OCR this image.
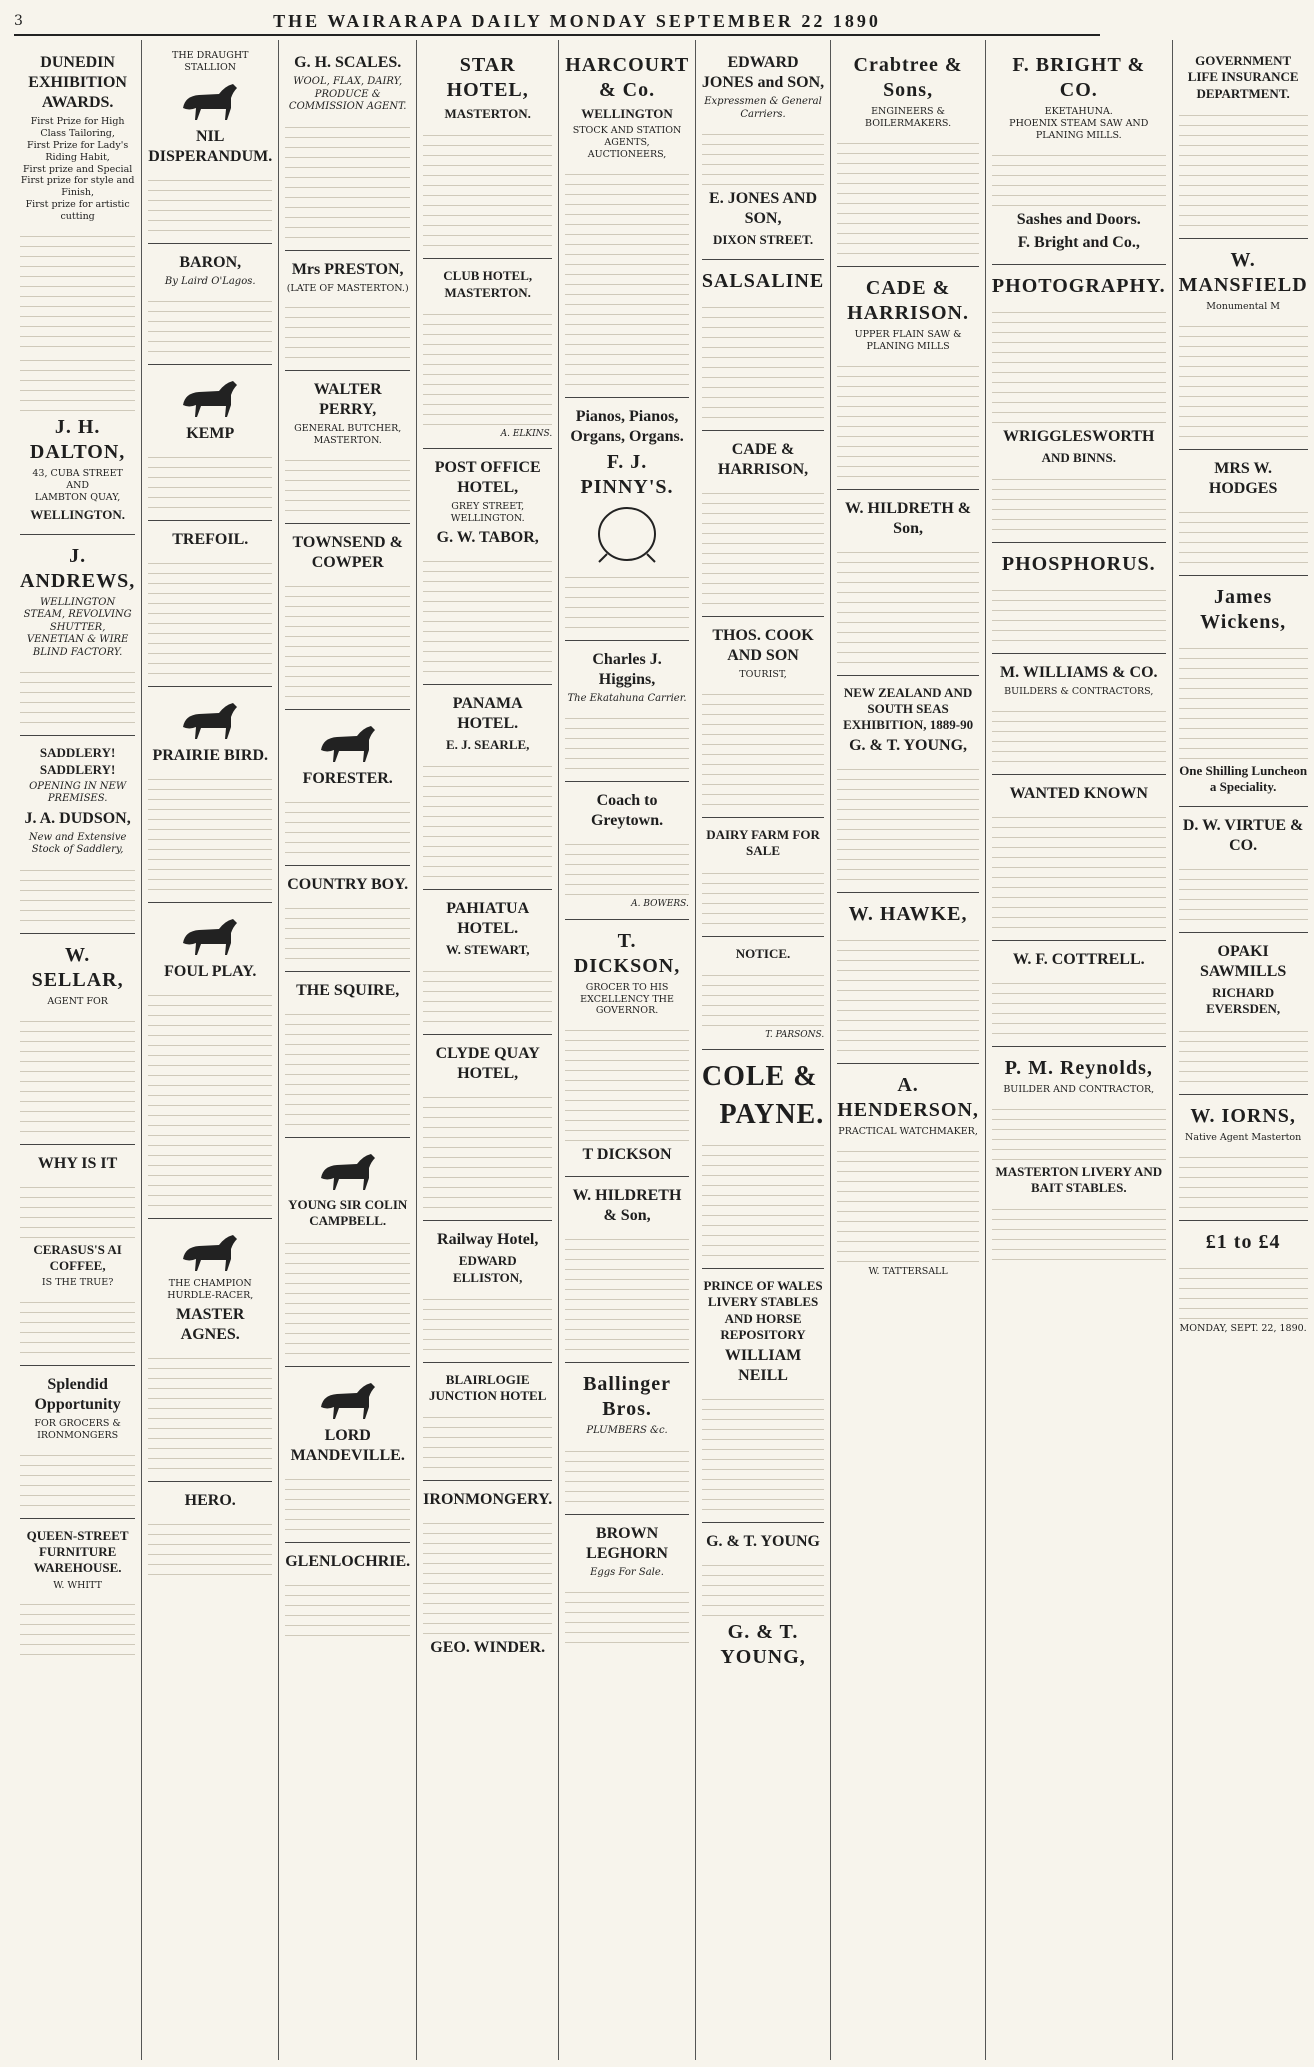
3	THE WAIRARAPA DAILY MONDAY SEPTEMBER 22 1890
DUNEDIN EXHIBITION AWARDS.
First Prize for High Class Tailoring,
First Prize for Lady's Riding Habit,
First prize and Special First prize for style and Finish,
First prize for artistic cutting
J. H. DALTON,
43, CUBA STREET
AND
LAMBTON QUAY,
WELLINGTON.
J. ANDREWS,
WELLINGTON STEAM, REVOLVING SHUTTER, VENETIAN & WIRE BLIND FACTORY.
SADDLERY! SADDLERY!
OPENING IN NEW PREMISES.
J. A. DUDSON,
New and Extensive Stock of Saddlery,
W. SELLAR,
AGENT FOR
WHY IS IT
CERASUS'S AI COFFEE,
IS THE TRUE?
Splendid Opportunity
FOR GROCERS & IRONMONGERS
QUEEN-STREET FURNITURE WAREHOUSE.
W. WHITT
THE DRAUGHT STALLION
NIL DISPERANDUM.
BARON,
By Laird O'Lagos.
KEMP
TREFOIL.
PRAIRIE BIRD.
FOUL PLAY.
THE CHAMPION HURDLE-RACER,
MASTER AGNES.
HERO.
G. H. SCALES.
WOOL, FLAX, DAIRY, PRODUCE & COMMISSION AGENT.
Mrs PRESTON,
(LATE OF MASTERTON.)
WALTER PERRY,
GENERAL BUTCHER, MASTERTON.
TOWNSEND & COWPER
FORESTER.
COUNTRY BOY.
THE SQUIRE,
YOUNG SIR COLIN CAMPBELL.
LORD MANDEVILLE.
GLENLOCHRIE.
STAR HOTEL,
MASTERTON.
CLUB HOTEL, MASTERTON.
A. ELKINS.
POST OFFICE HOTEL,
GREY STREET, WELLINGTON.
G. W. TABOR,
PANAMA HOTEL.
E. J. SEARLE,
PAHIATUA HOTEL.
W. STEWART,
CLYDE QUAY HOTEL,
Railway Hotel,
EDWARD ELLISTON,
BLAIRLOGIE JUNCTION HOTEL
IRONMONGERY.
GEO. WINDER.
HARCOURT & Co.
WELLINGTON
STOCK AND STATION AGENTS, AUCTIONEERS,
Pianos, Pianos, Organs, Organs.
F. J. PINNY'S.
Charles J. Higgins,
The Ekatahuna Carrier.
Coach to Greytown.
A. BOWERS.
T. DICKSON,
GROCER TO HIS EXCELLENCY THE GOVERNOR.
T DICKSON
W. HILDRETH & Son,
Ballinger Bros.
PLUMBERS &c.
BROWN LEGHORN
Eggs For Sale.
EDWARD JONES and SON,
Expressmen & General Carriers.
E. JONES AND SON,
DIXON STREET.
SALSALINE
CADE & HARRISON,
THOS. COOK AND SON
TOURIST,
DAIRY FARM FOR SALE
NOTICE.
T. PARSONS.
COLE &
PAYNE.
PRINCE OF WALES LIVERY STABLES AND HORSE REPOSITORY
WILLIAM NEILL
G. & T. YOUNG
G. & T. YOUNG,
Crabtree & Sons,
ENGINEERS & BOILERMAKERS.
CADE & HARRISON.
UPPER FLAIN SAW & PLANING MILLS
W. HILDRETH & Son,
NEW ZEALAND AND SOUTH SEAS EXHIBITION, 1889-90
G. & T. YOUNG,
W. HAWKE,
A. HENDERSON,
PRACTICAL WATCHMAKER,
W. TATTERSALL
F. BRIGHT & CO.
EKETAHUNA.
PHOENIX STEAM SAW AND PLANING MILLS.
Sashes and Doors.
F. Bright and Co.,
PHOTOGRAPHY.
WRIGGLESWORTH
AND BINNS.
PHOSPHORUS.
M. WILLIAMS & CO.
BUILDERS & CONTRACTORS,
WANTED KNOWN
W. F. COTTRELL.
P. M. Reynolds,
BUILDER AND CONTRACTOR,
MASTERTON LIVERY AND BAIT STABLES.
GOVERNMENT LIFE INSURANCE DEPARTMENT.
W. MANSFIELD
Monumental M
MRS W. HODGES
James Wickens,
One Shilling Luncheon a Speciality.
D. W. VIRTUE & CO.
OPAKI SAWMILLS
RICHARD EVERSDEN,
W. IORNS,
Native Agent Masterton
£1 to £4
MONDAY, SEPT. 22, 1890.
